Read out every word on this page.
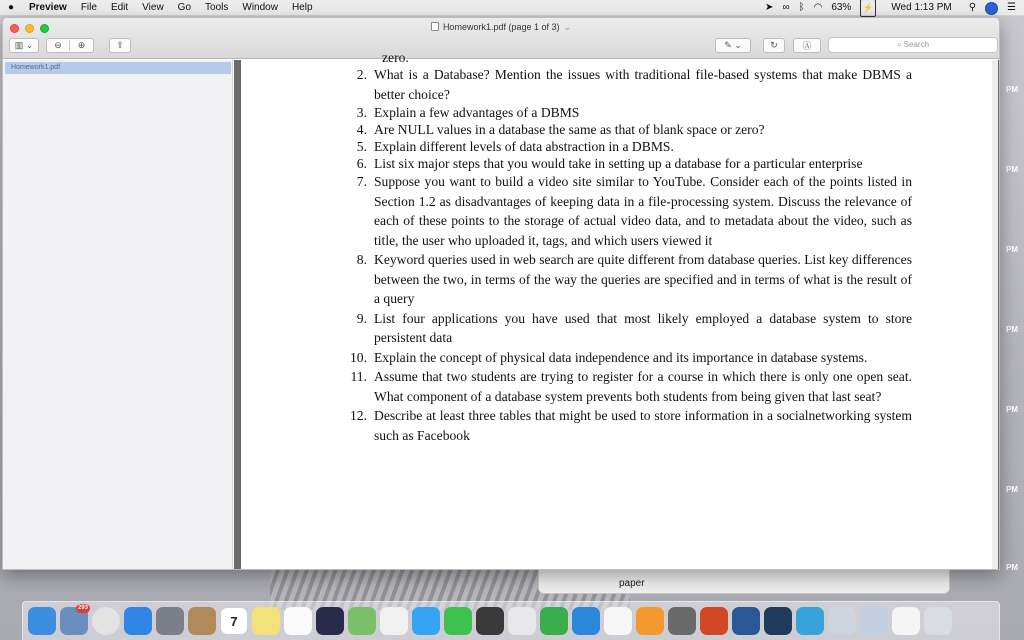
PM
PM
PM
PM
PM
PM
PM
paper
●	Preview	File	Edit	View	Go	Tools	Window	Help	➤ ∞ ᛒ ◠ 63%	⚡	Wed 1:13 PM ⚲	☰
Homework1.pdf (page 1 of 3) ⌄
▥ ⌄	⊖	⊕	⇪	✎ ⌄	↻	Ⓐ	⌕ Search
Homework1.pdf
zero.
2. What is a Database? Mention the issues with traditional file-based systems that make DBMS a better choice?
3. Explain a few advantages of a DBMS
4. Are NULL values in a database the same as that of blank space or zero?
5. Explain different levels of data abstraction in a DBMS.
6. List six major steps that you would take in setting up a database for a particular enterprise
7. Suppose you want to build a video site similar to YouTube. Consider each of the points listed in Section 1.2 as disadvantages of keeping data in a file-processing system. Discuss the relevance of each of these points to the storage of actual video data, and to metadata about the video, such as title, the user who uploaded it, tags, and which users viewed it
8. Keyword queries used in web search are quite different from database queries. List key differences between the two, in terms of the way the queries are specified and in terms of what is the result of a query
9. List four applications you have used that most likely employed a database system to store persistent data
10. Explain the concept of physical data independence and its importance in database systems.
11. Assume that two students are trying to register for a course in which there is only one open seat. What component of a database system prevents both students from being given that last seat?
12. Describe at least three tables that might be used to store information in a socialnetworking system such as Facebook
293
7
